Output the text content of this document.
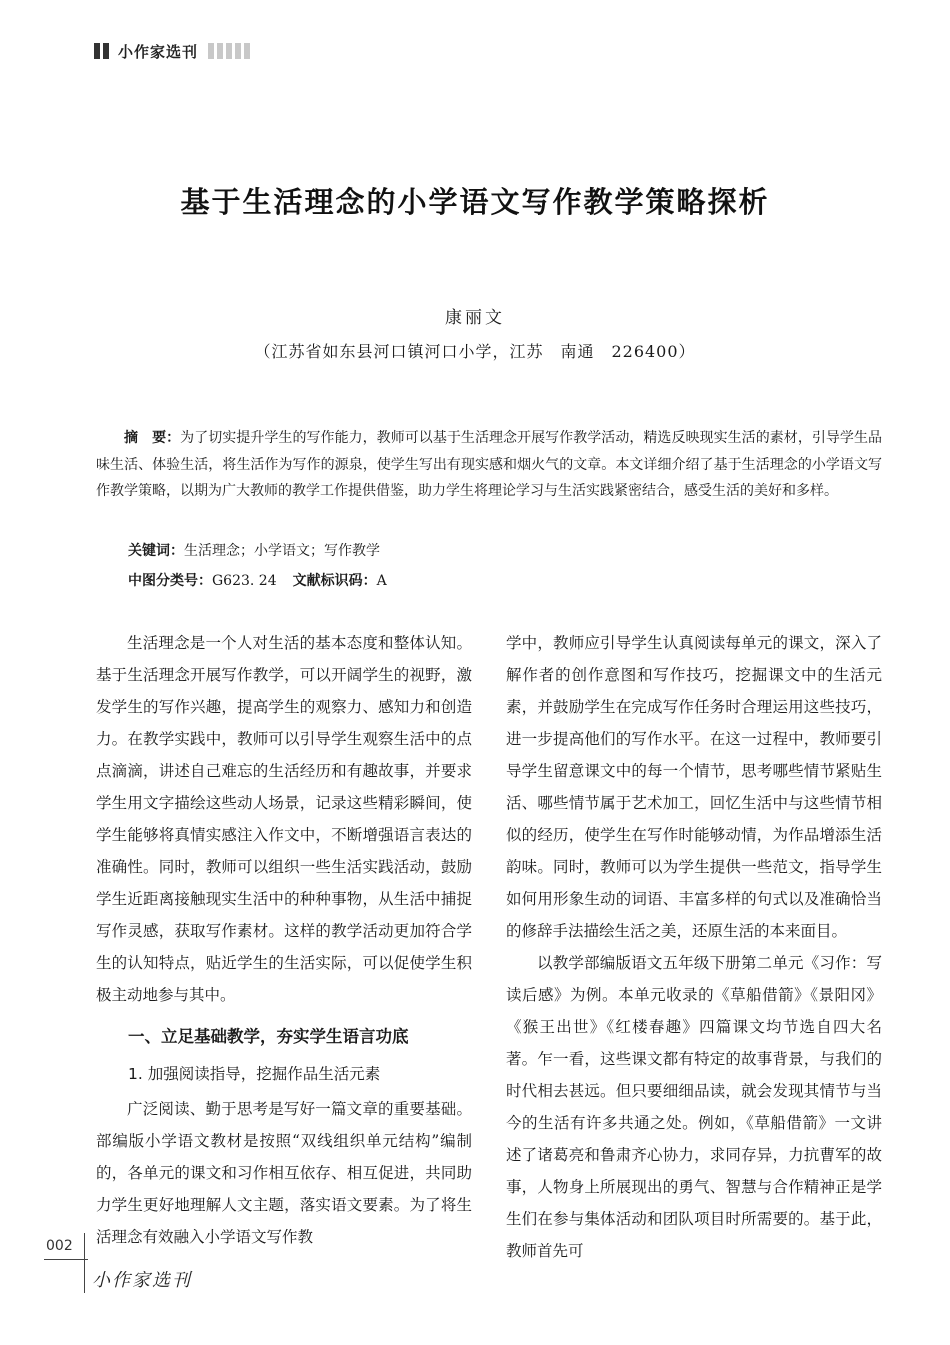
小作家选刊
基于生活理念的小学语文写作教学策略探析
康丽文
（江苏省如东县河口镇河口小学，江苏　南通　226400）
摘　要：为了切实提升学生的写作能力，教师可以基于生活理念开展写作教学活动，精选反映现实生活的素材，引导学生品味生活、体验生活，将生活作为写作的源泉，使学生写出有现实感和烟火气的文章。本文详细介绍了基于生活理念的小学语文写作教学策略，以期为广大教师的教学工作提供借鉴，助力学生将理论学习与生活实践紧密结合，感受生活的美好和多样。
关键词：生活理念；小学语文；写作教学
中图分类号：G623. 24 文献标识码：A

生活理念是一个人对生活的基本态度和整体认知。基于生活理念开展写作教学，可以开阔学生的视野，激发学生的写作兴趣，提高学生的观察力、感知力和创造力。在教学实践中，教师可以引导学生观察生活中的点点滴滴，讲述自己难忘的生活经历和有趣故事，并要求学生用文字描绘这些动人场景，记录这些精彩瞬间，使学生能够将真情实感注入作文中，不断增强语言表达的准确性。同时，教师可以组织一些生活实践活动，鼓励学生近距离接触现实生活中的种种事物，从生活中捕捉写作灵感，获取写作素材。这样的教学活动更加符合学生的认知特点，贴近学生的生活实际，可以促使学生积极主动地参与其中。

一、立足基础教学，夯实学生语言功底
1. 加强阅读指导，挖掘作品生活元素

广泛阅读、勤于思考是写好一篇文章的重要基础。部编版小学语文教材是按照“双线组织单元结构”编制的，各单元的课文和习作相互依存、相互促进，共同助力学生更好地理解人文主题，落实语文要素。为了将生活理念有效融入小学语文写作教

学中，教师应引导学生认真阅读每单元的课文，深入了解作者的创作意图和写作技巧，挖掘课文中的生活元素，并鼓励学生在完成写作任务时合理运用这些技巧，进一步提高他们的写作水平。在这一过程中，教师要引导学生留意课文中的每一个情节，思考哪些情节紧贴生活、哪些情节属于艺术加工，回忆生活中与这些情节相似的经历，使学生在写作时能够动情，为作品增添生活韵味。同时，教师可以为学生提供一些范文，指导学生如何用形象生动的词语、丰富多样的句式以及准确恰当的修辞手法描绘生活之美，还原生活的本来面目。

以教学部编版语文五年级下册第二单元《习作：写读后感》为例。本单元收录的《草船借箭》《景阳冈》《猴王出世》《红楼春趣》四篇课文均节选自四大名著。乍一看，这些课文都有特定的故事背景，与我们的时代相去甚远。但只要细细品读，就会发现其情节与当今的生活有许多共通之处。例如，《草船借箭》一文讲述了诸葛亮和鲁肃齐心协力，求同存异，力抗曹军的故事，人物身上所展现出的勇气、智慧与合作精神正是学生们在参与集体活动和团队项目时所需要的。基于此，教师首先可

002
小作家选刊
